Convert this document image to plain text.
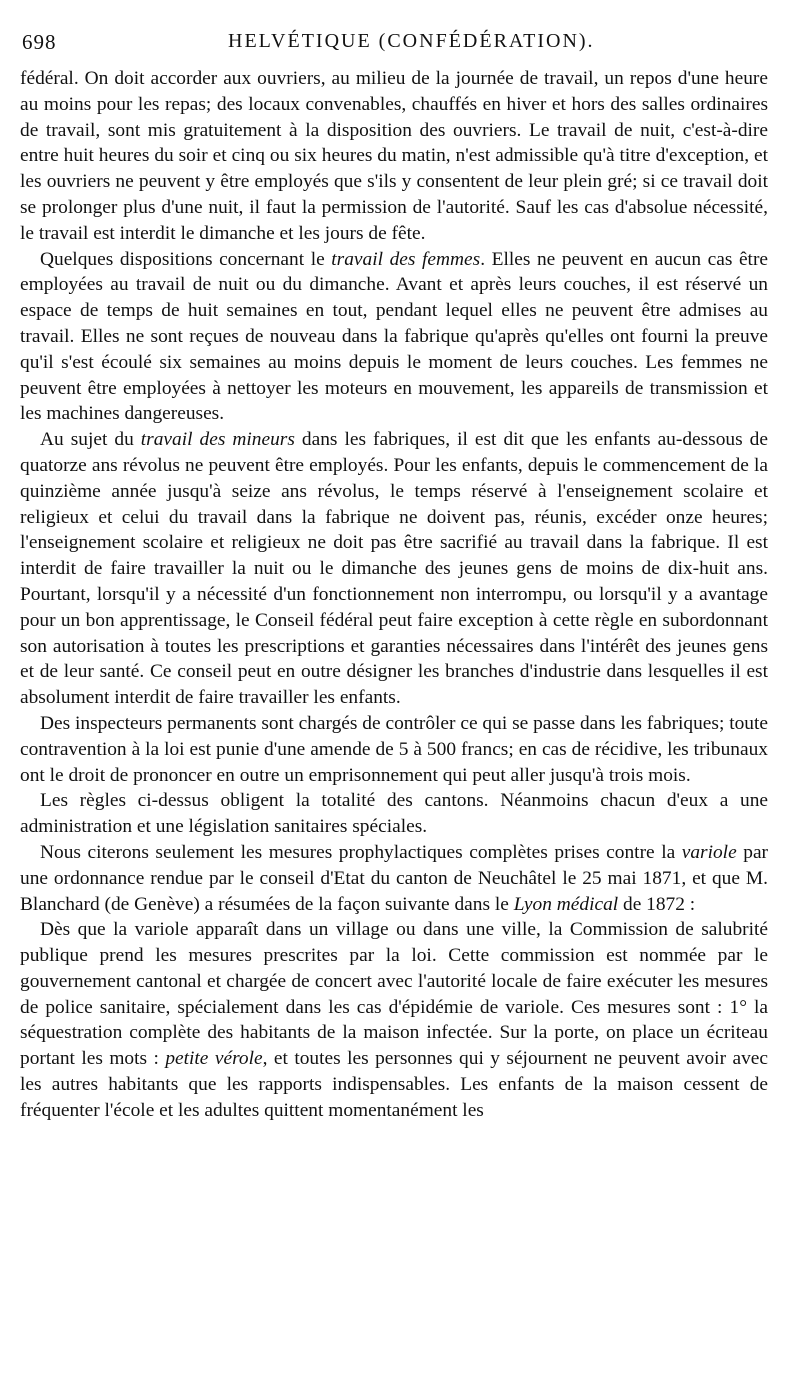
698	HELVÉTIQUE (CONFÉDÉRATION).

fédéral. On doit accorder aux ouvriers, au milieu de la journée de travail, un repos d'une heure au moins pour les repas; des locaux convenables, chauffés en hiver et hors des salles ordinaires de travail, sont mis gratuitement à la disposition des ouvriers. Le travail de nuit, c'est-à-dire entre huit heures du soir et cinq ou six heures du matin, n'est admissible qu'à titre d'exception, et les ouvriers ne peuvent y être employés que s'ils y consentent de leur plein gré; si ce travail doit se prolonger plus d'une nuit, il faut la permission de l'autorité. Sauf les cas d'absolue nécessité, le travail est interdit le dimanche et les jours de fête.

Quelques dispositions concernant le travail des femmes. Elles ne peuvent en aucun cas être employées au travail de nuit ou du dimanche. Avant et après leurs couches, il est réservé un espace de temps de huit semaines en tout, pendant lequel elles ne peuvent être admises au travail. Elles ne sont reçues de nouveau dans la fabrique qu'après qu'elles ont fourni la preuve qu'il s'est écoulé six semaines au moins depuis le moment de leurs couches. Les femmes ne peuvent être employées à nettoyer les moteurs en mouvement, les appareils de transmission et les machines dangereuses.

Au sujet du travail des mineurs dans les fabriques, il est dit que les enfants au-dessous de quatorze ans révolus ne peuvent être employés. Pour les enfants, depuis le commencement de la quinzième année jusqu'à seize ans révolus, le temps réservé à l'enseignement scolaire et religieux et celui du travail dans la fabrique ne doivent pas, réunis, excéder onze heures; l'enseignement scolaire et religieux ne doit pas être sacrifié au travail dans la fabrique. Il est interdit de faire travailler la nuit ou le dimanche des jeunes gens de moins de dix-huit ans. Pourtant, lorsqu'il y a nécessité d'un fonctionnement non interrompu, ou lorsqu'il y a avantage pour un bon apprentissage, le Conseil fédéral peut faire exception à cette règle en subordonnant son autorisation à toutes les prescriptions et garanties nécessaires dans l'intérêt des jeunes gens et de leur santé. Ce conseil peut en outre désigner les branches d'industrie dans lesquelles il est absolument interdit de faire travailler les enfants.

Des inspecteurs permanents sont chargés de contrôler ce qui se passe dans les fabriques; toute contravention à la loi est punie d'une amende de 5 à 500 francs; en cas de récidive, les tribunaux ont le droit de prononcer en outre un emprisonnement qui peut aller jusqu'à trois mois.

Les règles ci-dessus obligent la totalité des cantons. Néanmoins chacun d'eux a une administration et une législation sanitaires spéciales.

Nous citerons seulement les mesures prophylactiques complètes prises contre la variole par une ordonnance rendue par le conseil d'Etat du canton de Neuchâtel le 25 mai 1871, et que M. Blanchard (de Genève) a résumées de la façon suivante dans le Lyon médical de 1872 :

Dès que la variole apparaît dans un village ou dans une ville, la Commission de salubrité publique prend les mesures prescrites par la loi. Cette commission est nommée par le gouvernement cantonal et chargée de concert avec l'autorité locale de faire exécuter les mesures de police sanitaire, spécialement dans les cas d'épidémie de variole. Ces mesures sont : 1° la séquestration complète des habitants de la maison infectée. Sur la porte, on place un écriteau portant les mots : petite vérole, et toutes les personnes qui y séjournent ne peuvent avoir avec les autres habitants que les rapports indispensables. Les enfants de la maison cessent de fréquenter l'école et les adultes quittent momentanément les
